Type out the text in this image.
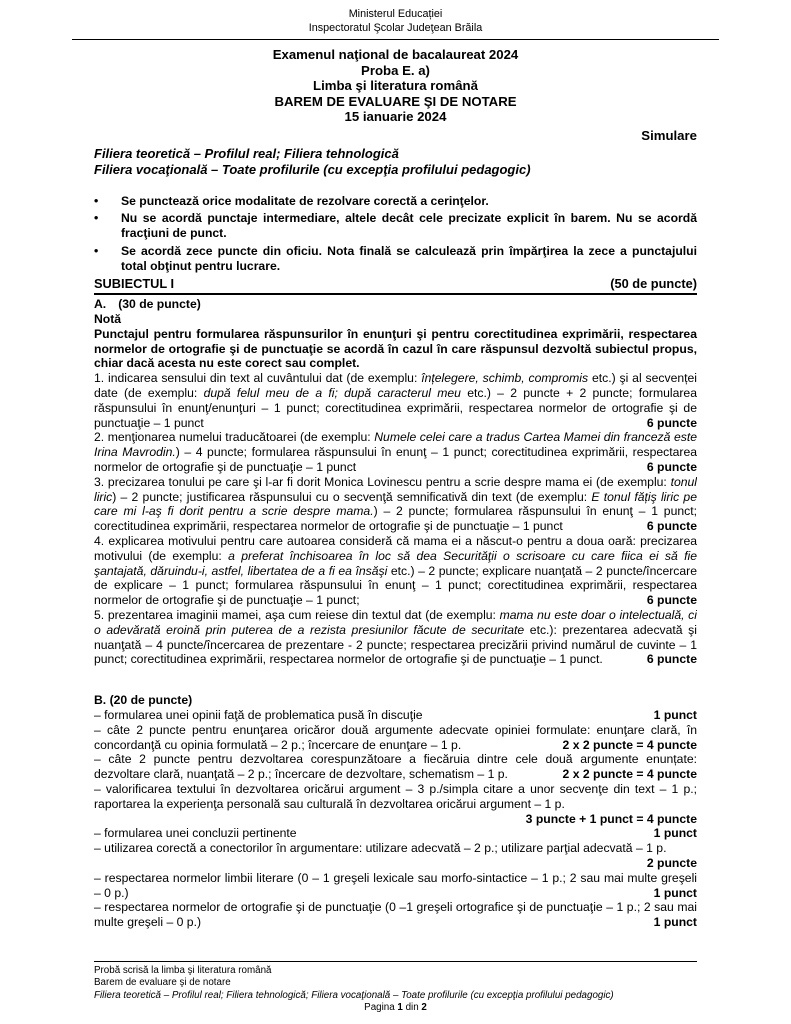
Ministerul Educației
Inspectoratul Şcolar Judeţean Brăila
Examenul naţional de bacalaureat 2024
Proba E. a)
Limba şi literatura română
BAREM DE EVALUARE ŞI DE NOTARE
15 ianuarie 2024
Simulare
Filiera teoretică – Profilul real; Filiera tehnologică
Filiera vocaţională – Toate profilurile (cu excepţia profilului pedagogic)
•	Se punctează orice modalitate de rezolvare corectă a cerinţelor.
•	Nu se acordă punctaje intermediare, altele decât cele precizate explicit în barem. Nu se acordă fracţiuni de punct.
•	Se acordă zece puncte din oficiu. Nota finală se calculează prin împărţirea la zece a punctajului total obţinut pentru lucrare.
SUBIECTUL I	(50 de puncte)
A. (30 de puncte)
Notă

Punctajul pentru formularea răspunsurilor în enunţuri şi pentru corectitudinea exprimării, respectarea normelor de ortografie şi de punctuaţie se acordă în cazul în care răspunsul dezvoltă subiectul propus, chiar dacă acesta nu este corect sau complet.

1. indicarea sensului din text al cuvântului dat (de exemplu: înțelegere, schimb, compromis etc.) şi al secvenței date (de exemplu: după felul meu de a fi; după caracterul meu etc.) – 2 puncte + 2 puncte; formularea răspunsului în enunţ/enunţuri – 1 punct; corectitudinea exprimării, respectarea normelor de ortografie şi de punctuaţie – 1 punct	6 puncte

2. menţionarea numelui traducătoarei (de exemplu: Numele celei care a tradus Cartea Mamei din franceză este Irina Mavrodin.) – 4 puncte; formularea răspunsului în enunţ – 1 punct; corectitudinea exprimării, respectarea normelor de ortografie şi de punctuaţie – 1 punct	6 puncte

3. precizarea tonului pe care şi l-ar fi dorit Monica Lovinescu pentru a scrie despre mama ei (de exemplu: tonul liric) – 2 puncte; justificarea răspunsului cu o secvenţă semnificativă din text (de exemplu: E tonul fățiş liric pe care mi l-aş fi dorit pentru a scrie despre mama.) – 2 puncte; formularea răspunsului în enunţ – 1 punct; corectitudinea exprimării, respectarea normelor de ortografie şi de punctuaţie – 1 punct	6 puncte

4. explicarea motivului pentru care autoarea consideră că mama ei a născut-o pentru a doua oară: precizarea motivului (de exemplu: a preferat închisoarea în loc să dea Securităţii o scrisoare cu care fiica ei să fie şantajată, dăruindu-i, astfel, libertatea de a fi ea însăşi etc.) – 2 puncte; explicare nuanţată – 2 puncte/încercare de explicare – 1 punct; formularea răspunsului în enunţ – 1 punct; corectitudinea exprimării, respectarea normelor de ortografie şi de punctuaţie – 1 punct;	6 puncte

5. prezentarea imaginii mamei, aşa cum reiese din textul dat (de exemplu: mama nu este doar o intelectuală, ci o adevărată eroină prin puterea de a rezista presiunilor făcute de securitate etc.): prezentarea adecvată şi nuanţată – 4 puncte/încercarea de prezentare - 2 puncte; respectarea precizării privind numărul de cuvinte – 1 punct; corectitudinea exprimării, respectarea normelor de ortografie şi de punctuaţie – 1 punct.	6 puncte

B. (20 de puncte)

– formularea unei opinii faţă de problematica pusă în discuţie	1 punct

– câte 2 puncte pentru enunţarea oricăror două argumente adecvate opiniei formulate: enunţare clară, în concordanţă cu opinia formulată – 2 p.; încercare de enunţare – 1 p.	2 x 2 puncte = 4 puncte

– câte 2 puncte pentru dezvoltarea corespunzătoare a fiecăruia dintre cele două argumente enunțate: dezvoltare clară, nuanţată – 2 p.; încercare de dezvoltare, schematism – 1 p.	2 x 2 puncte = 4 puncte

– valorificarea textului în dezvoltarea oricărui argument – 3 p./simpla citare a unor secvenţe din text – 1 p.; raportarea la experienţa personală sau culturală în dezvoltarea oricărui argument – 1 p.
3 puncte + 1 punct = 4 puncte

– formularea unei concluzii pertinente	1 punct

– utilizarea corectă a conectorilor în argumentare: utilizare adecvată – 2 p.; utilizare parţial adecvată – 1 p.
2 puncte

– respectarea normelor limbii literare (0 – 1 greşeli lexicale sau morfo-sintactice – 1 p.; 2 sau mai multe greşeli – 0 p.)	1 punct

– respectarea normelor de ortografie şi de punctuaţie (0 –1 greşeli ortografice şi de punctuaţie – 1 p.; 2 sau mai multe greşeli – 0 p.)	1 punct

Probă scrisă la limba şi literatura română
Barem de evaluare şi de notare
Filiera teoretică – Profilul real; Filiera tehnologică; Filiera vocaţională – Toate profilurile (cu excepţia profilului pedagogic)
Pagina 1 din 2
